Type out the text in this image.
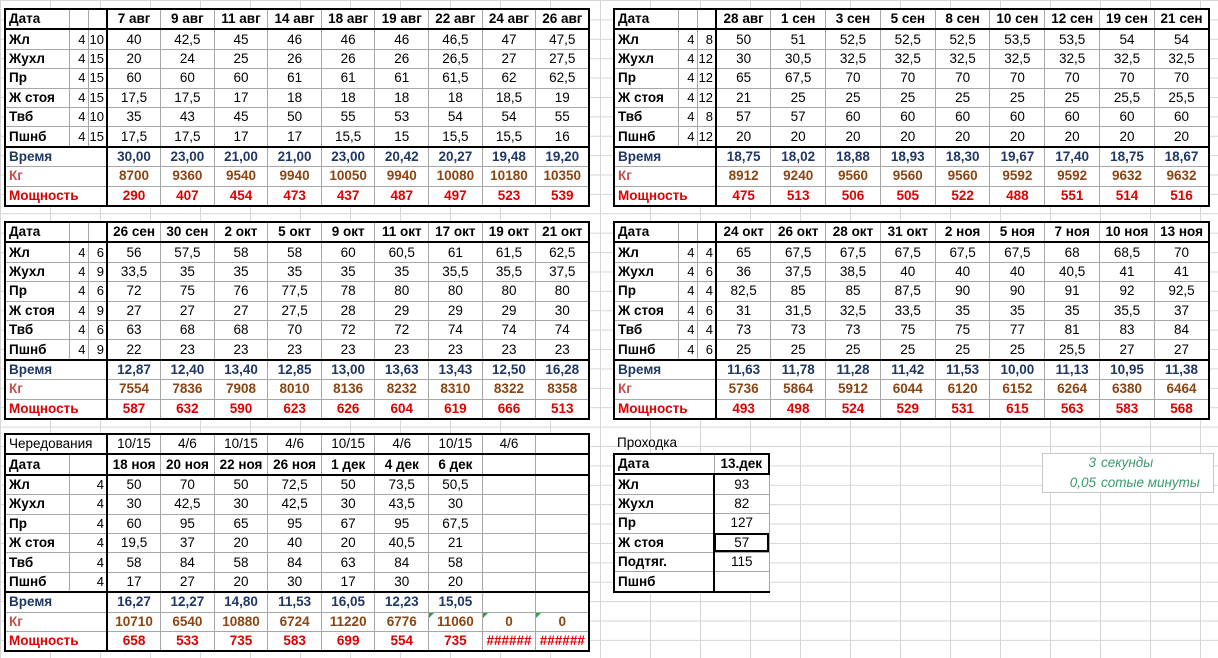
Дата			7 авг	9 авг	11 авг	14 авг	18 авг	19 авг	22 авг	24 авг	26 авг
Жл	4	10	40	42,5	45	46	46	46	46,5	47	47,5
Жухл	4	15	20	24	25	26	26	26	26,5	27	27,5
Пр	4	15	60	60	60	61	61	61	61,5	62	62,5
Ж стоя	4	15	17,5	17,5	17	18	18	18	18	18,5	19
Твб	4	10	35	43	45	50	55	53	54	54	55
Пшнб	4	15	17,5	17,5	17	17	15,5	15	15,5	15,5	16
Время			30,00	23,00	21,00	21,00	23,00	20,42	20,27	19,48	19,20
Кг			8700	9360	9540	9940	10050	9940	10080	10180	10350
Мощность			290	407	454	473	437	487	497	523	539
Дата			28 авг	1 сен	3 сен	5 сен	8 сен	10 сен	12 сен	19 сен	21 сен
Жл	4	8	50	51	52,5	52,5	52,5	53,5	53,5	54	54
Жухл	4	12	30	30,5	32,5	32,5	32,5	32,5	32,5	32,5	32,5
Пр	4	12	65	67,5	70	70	70	70	70	70	70
Ж стоя	4	12	21	25	25	25	25	25	25	25,5	25,5
Твб	4	8	57	57	60	60	60	60	60	60	60
Пшнб	4	12	20	20	20	20	20	20	20	20	20
Время			18,75	18,02	18,88	18,93	18,30	19,67	17,40	18,75	18,67
Кг			8912	9240	9560	9560	9560	9592	9592	9632	9632
Мощность			475	513	506	505	522	488	551	514	516
Дата			26 сен	30 сен	2 окт	5 окт	9 окт	11 окт	17 окт	19 окт	21 окт
Жл	4	6	56	57,5	58	58	60	60,5	61	61,5	62,5
Жухл	4	9	33,5	35	35	35	35	35	35,5	35,5	37,5
Пр	4	6	72	75	76	77,5	78	80	80	80	80
Ж стоя	4	9	27	27	27	27,5	28	29	29	29	30
Твб	4	6	63	68	68	70	72	72	74	74	74
Пшнб	4	9	22	23	23	23	23	23	23	23	23
Время			12,87	12,40	13,40	12,85	13,00	13,63	13,43	12,50	16,28
Кг			7554	7836	7908	8010	8136	8232	8310	8322	8358
Мощность			587	632	590	623	626	604	619	666	513
Дата			24 окт	26 окт	28 окт	31 окт	2 ноя	5 ноя	7 ноя	10 ноя	13 ноя
Жл	4	4	65	67,5	67,5	67,5	67,5	67,5	68	68,5	70
Жухл	4	6	36	37,5	38,5	40	40	40	40,5	41	41
Пр	4	4	82,5	85	85	87,5	90	90	91	92	92,5
Ж стоя	4	6	31	31,5	32,5	33,5	35	35	35	35,5	37
Твб	4	4	73	73	73	75	75	77	81	83	84
Пшнб	4	6	25	25	25	25	25	25	25,5	27	27
Время			11,63	11,78	11,28	11,42	11,53	10,00	11,13	10,95	11,38
Кг			5736	5864	5912	6044	6120	6152	6264	6380	6464
Мощность			493	498	524	529	531	615	563	583	568
Чередования		10/15	4/6	10/15	4/6	10/15	4/6	10/15	4/6	
Дата		18 ноя	20 ноя	22 ноя	26 ноя	1 дек	4 дек	6 дек		
Жл	4	50	70	50	72,5	50	73,5	50,5		
Жухл	4	30	42,5	30	42,5	30	43,5	30		
Пр	4	60	95	65	95	67	95	67,5		
Ж стоя	4	19,5	37	20	40	20	40,5	21		
Твб	4	58	84	58	84	63	84	58		
Пшнб	4	17	27	20	30	17	30	20		
Время		16,27	12,27	14,80	11,53	16,05	12,23	15,05		
Кг		10710	6540	10880	6724	11220	6776	11060	0	0
Мощность		658	533	735	583	699	554	735	######	######
Проходка
Дата	13.дек
Жл	93
Жухл	82
Пр	127
Ж стоя	57
Подтяг.	115
Пшнб	
3 секунды
0,05 сотые минуты
